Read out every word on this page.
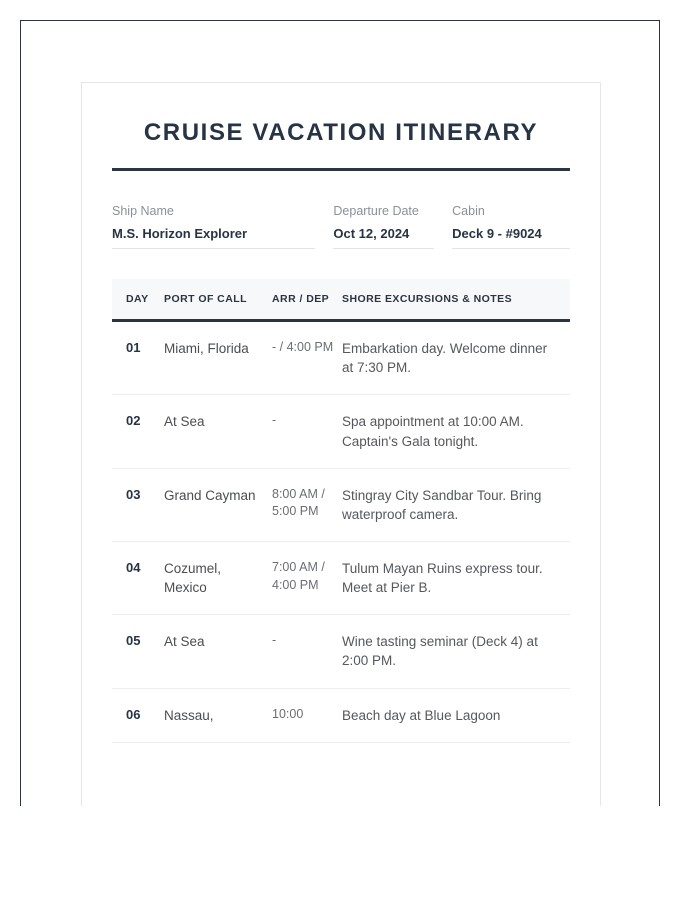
CRUISE VACATION ITINERARY
Ship Name
M.S. Horizon Explorer
Departure Date
Oct 12, 2024
Cabin
Deck 9 - #9024
DAY	PORT OF CALL	ARR / DEP	SHORE EXCURSIONS & NOTES
01	Miami, Florida	- / 4:00 PM	Embarkation day. Welcome dinner at 7:30 PM.
02	At Sea	-	Spa appointment at 10:00 AM. Captain's Gala tonight.
03	Grand Cayman	8:00 AM / 5:00 PM	Stingray City Sandbar Tour. Bring waterproof camera.
04	Cozumel, Mexico	7:00 AM / 4:00 PM	Tulum Mayan Ruins express tour. Meet at Pier B.
05	At Sea	-	Wine tasting seminar (Deck 4) at 2:00 PM.
06	Nassau,	10:00	Beach day at Blue Lagoon
